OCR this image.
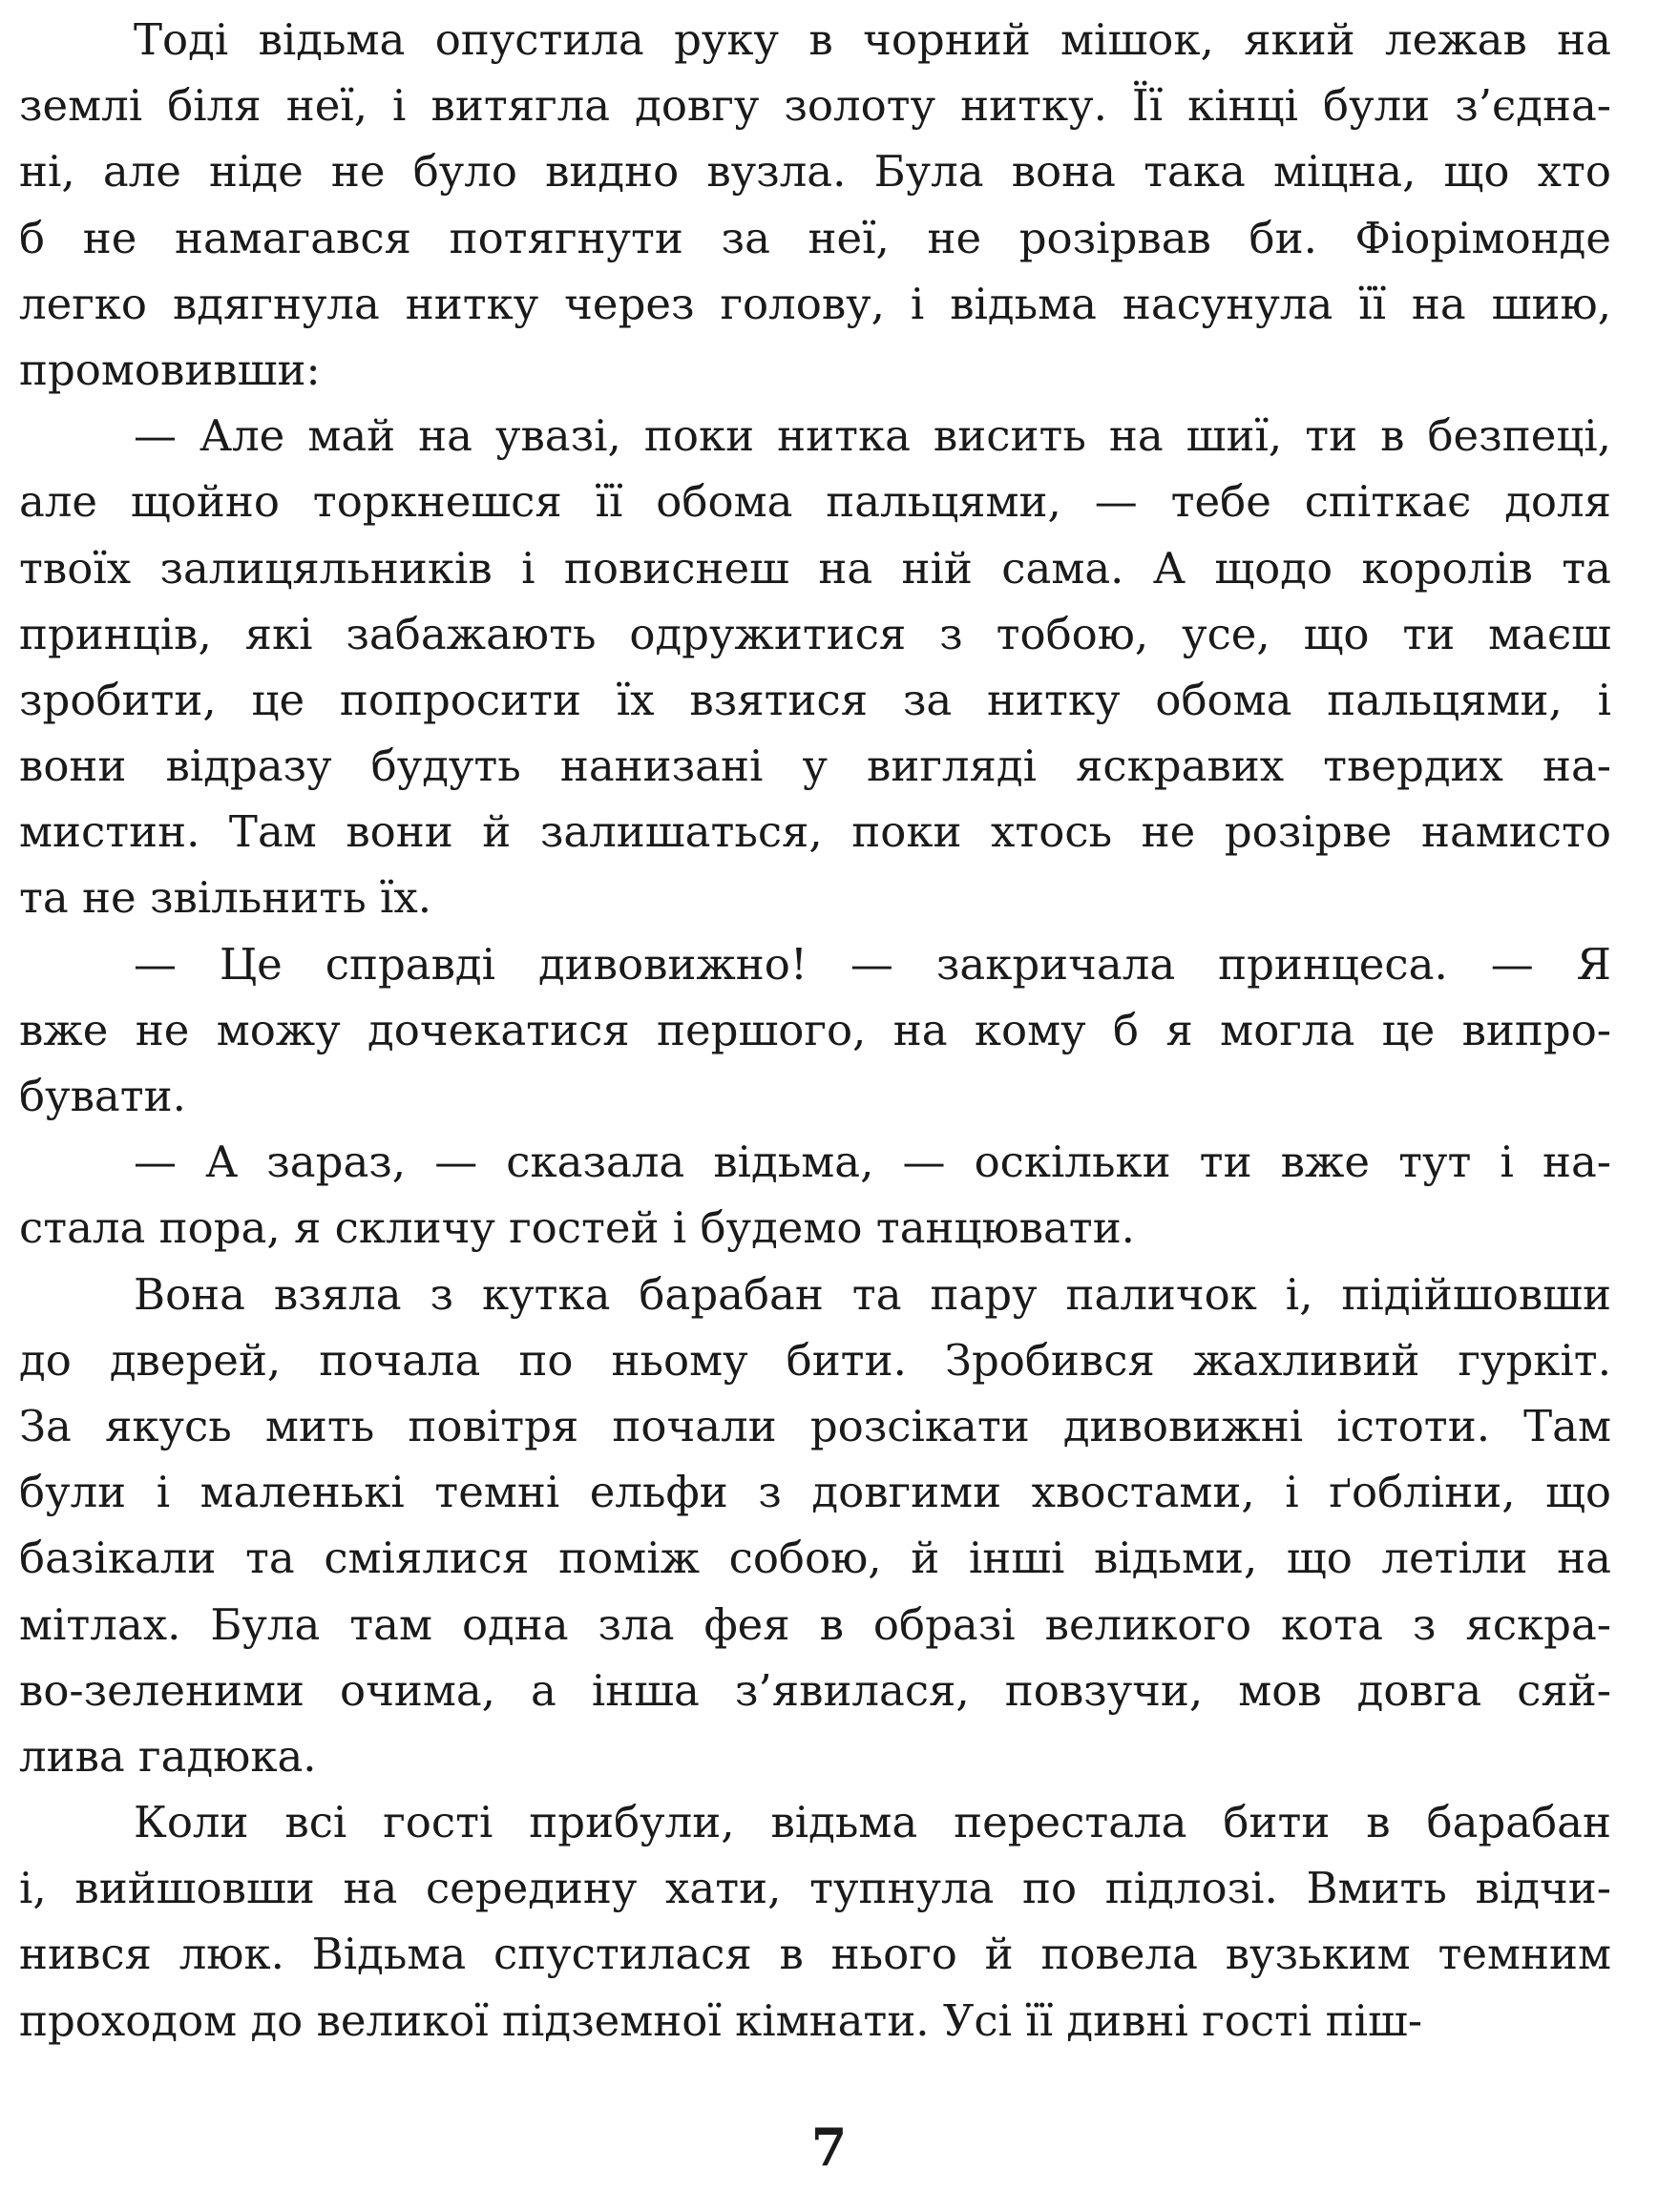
Тоді відьма опустила руку в чорний мішок, який лежав на
землі біля неї, і витягла довгу золоту нитку. Її кінці були з’єдна-
ні, але ніде не було видно вузла. Була вона така міцна, що хто
б не намагався потягнути за неї, не розірвав би. Фіорімонде
легко вдягнула нитку через голову, і відьма насунула її на шию,
промовивши:
— Але май на увазі, поки нитка висить на шиї, ти в безпеці,
але щойно торкнешся її обома пальцями, — тебе спіткає доля
твоїх залицяльників і повиснеш на ній сама. А щодо королів та
принців, які забажають одружитися з тобою, усе, що ти маєш
зробити, це попросити їх взятися за нитку обома пальцями, і
вони відразу будуть нанизані у вигляді яскравих твердих на-
мистин. Там вони й залишаться, поки хтось не розірве намисто
та не звільнить їх.
— Це справді дивовижно! — закричала принцеса. — Я
вже не можу дочекатися першого, на кому б я могла це випро-
бувати.
— А зараз, — сказала відьма, — оскільки ти вже тут і на-
стала пора, я скличу гостей і будемо танцювати.
Вона взяла з кутка барабан та пару паличок і, підійшовши
до дверей, почала по ньому бити. Зробився жахливий гуркіт.
За якусь мить повітря почали розсікати дивовижні істоти. Там
були і маленькі темні ельфи з довгими хвостами, і ґобліни, що
базікали та сміялися поміж собою, й інші відьми, що летіли на
мітлах. Була там одна зла фея в образі великого кота з яскра-
во-зеленими очима, а інша з’явилася, повзучи, мов довга сяй-
лива гадюка.
Коли всі гості прибули, відьма перестала бити в барабан
і, вийшовши на середину хати, тупнула по підлозі. Вмить відчи-
нився люк. Відьма спустилася в нього й повела вузьким темним
проходом до великої підземної кімнати. Усі її дивні гості піш-
7
